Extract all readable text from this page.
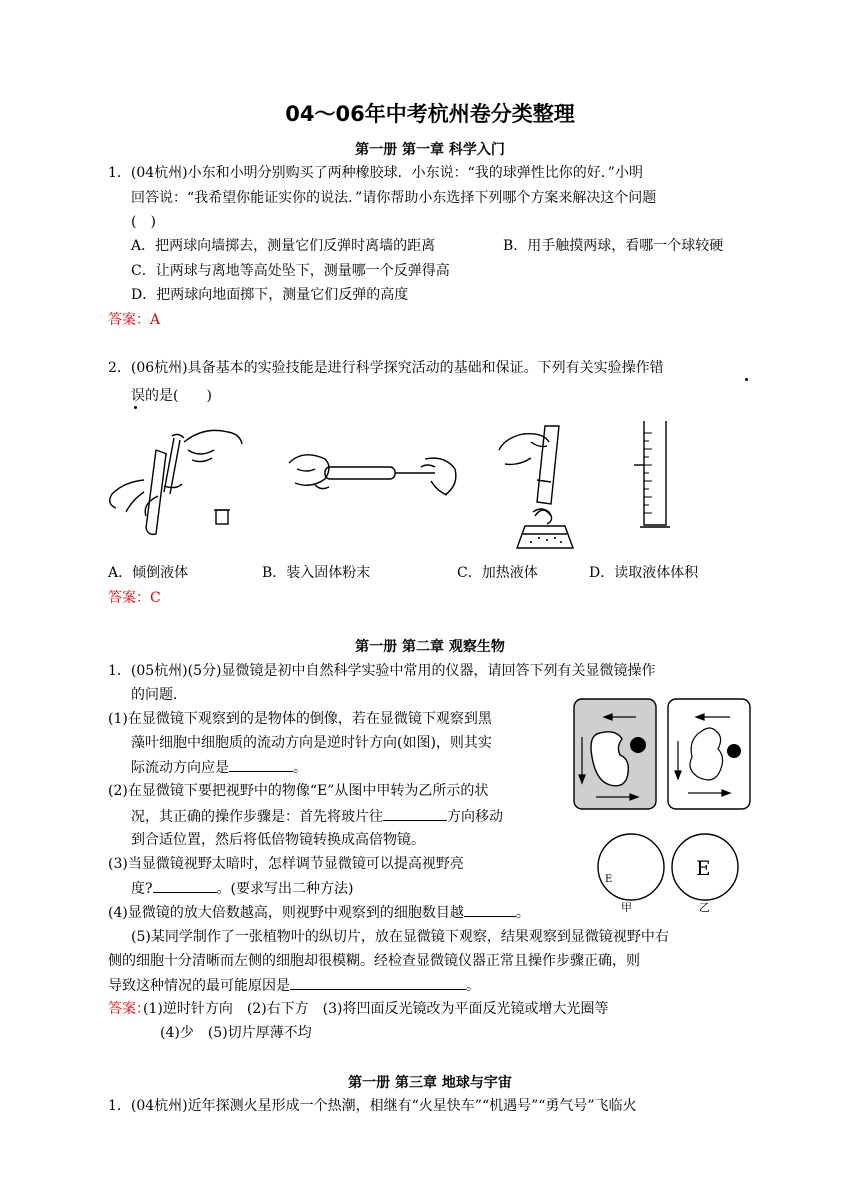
04～06年中考杭州卷分类整理
第一册 第一章 科学入门
1．(04杭州)小东和小明分别购买了两种橡胶球．小东说：“我的球弹性比你的好．”小明
回答说：“我希望你能证实你的说法．”请你帮助小东选择下列哪个方案来解决这个问题
(　)
A．把两球向墙掷去，测量它们反弹时离墙的距离	B．用手触摸两球，看哪一个球较硬
C．让两球与离地等高处坠下，测量哪一个反弹得高
D．把两球向地面掷下，测量它们反弹的高度
答案：A
2．(06杭州)具备基本的实验技能是进行科学探究活动的基础和保证。下列有关实验操作错
误的是(　　)
A．倾倒液体	B．装入固体粉末	C．加热液体	D．读取液体体积
答案：C
第一册 第二章 观察生物
1．(05杭州)(5分)显微镜是初中自然科学实验中常用的仪器，请回答下列有关显微镜操作
的问题．
(1)在显微镜下观察到的是物体的倒像，若在显微镜下观察到黑
藻叶细胞中细胞质的流动方向是逆时针方向(如图)，则其实
际流动方向应是	。
(2)在显微镜下要把视野中的物像“E”从图中甲转为乙所示的状
况，其正确的操作步骤是：首先将玻片往	方向移动
到合适位置，然后将低倍物镜转换成高倍物镜。
(3)当显微镜视野太暗时，怎样调节显微镜可以提高视野亮
度?	。(要求写出二种方法)
(4)显微镜的放大倍数越高，则视野中观察到的细胞数目越	。
(5)某同学制作了一张植物叶的纵切片，放在显微镜下观察，结果观察到显微镜视野中右
侧的细胞十分清晰而左侧的细胞却很模糊。经检查显微镜仪器正常且操作步骤正确，则
导致这种情况的最可能原因是	。
答案：
(1)逆时针方向　(2)右下方　(3)将凹面反光镜改为平面反光镜或增大光圈等
(4)少　(5)切片厚薄不均
E
甲
E
乙
第一册 第三章 地球与宇宙
1．(04杭州)近年探测火星形成一个热潮，相继有“火星快车”“机遇号”“勇气号”飞临火
